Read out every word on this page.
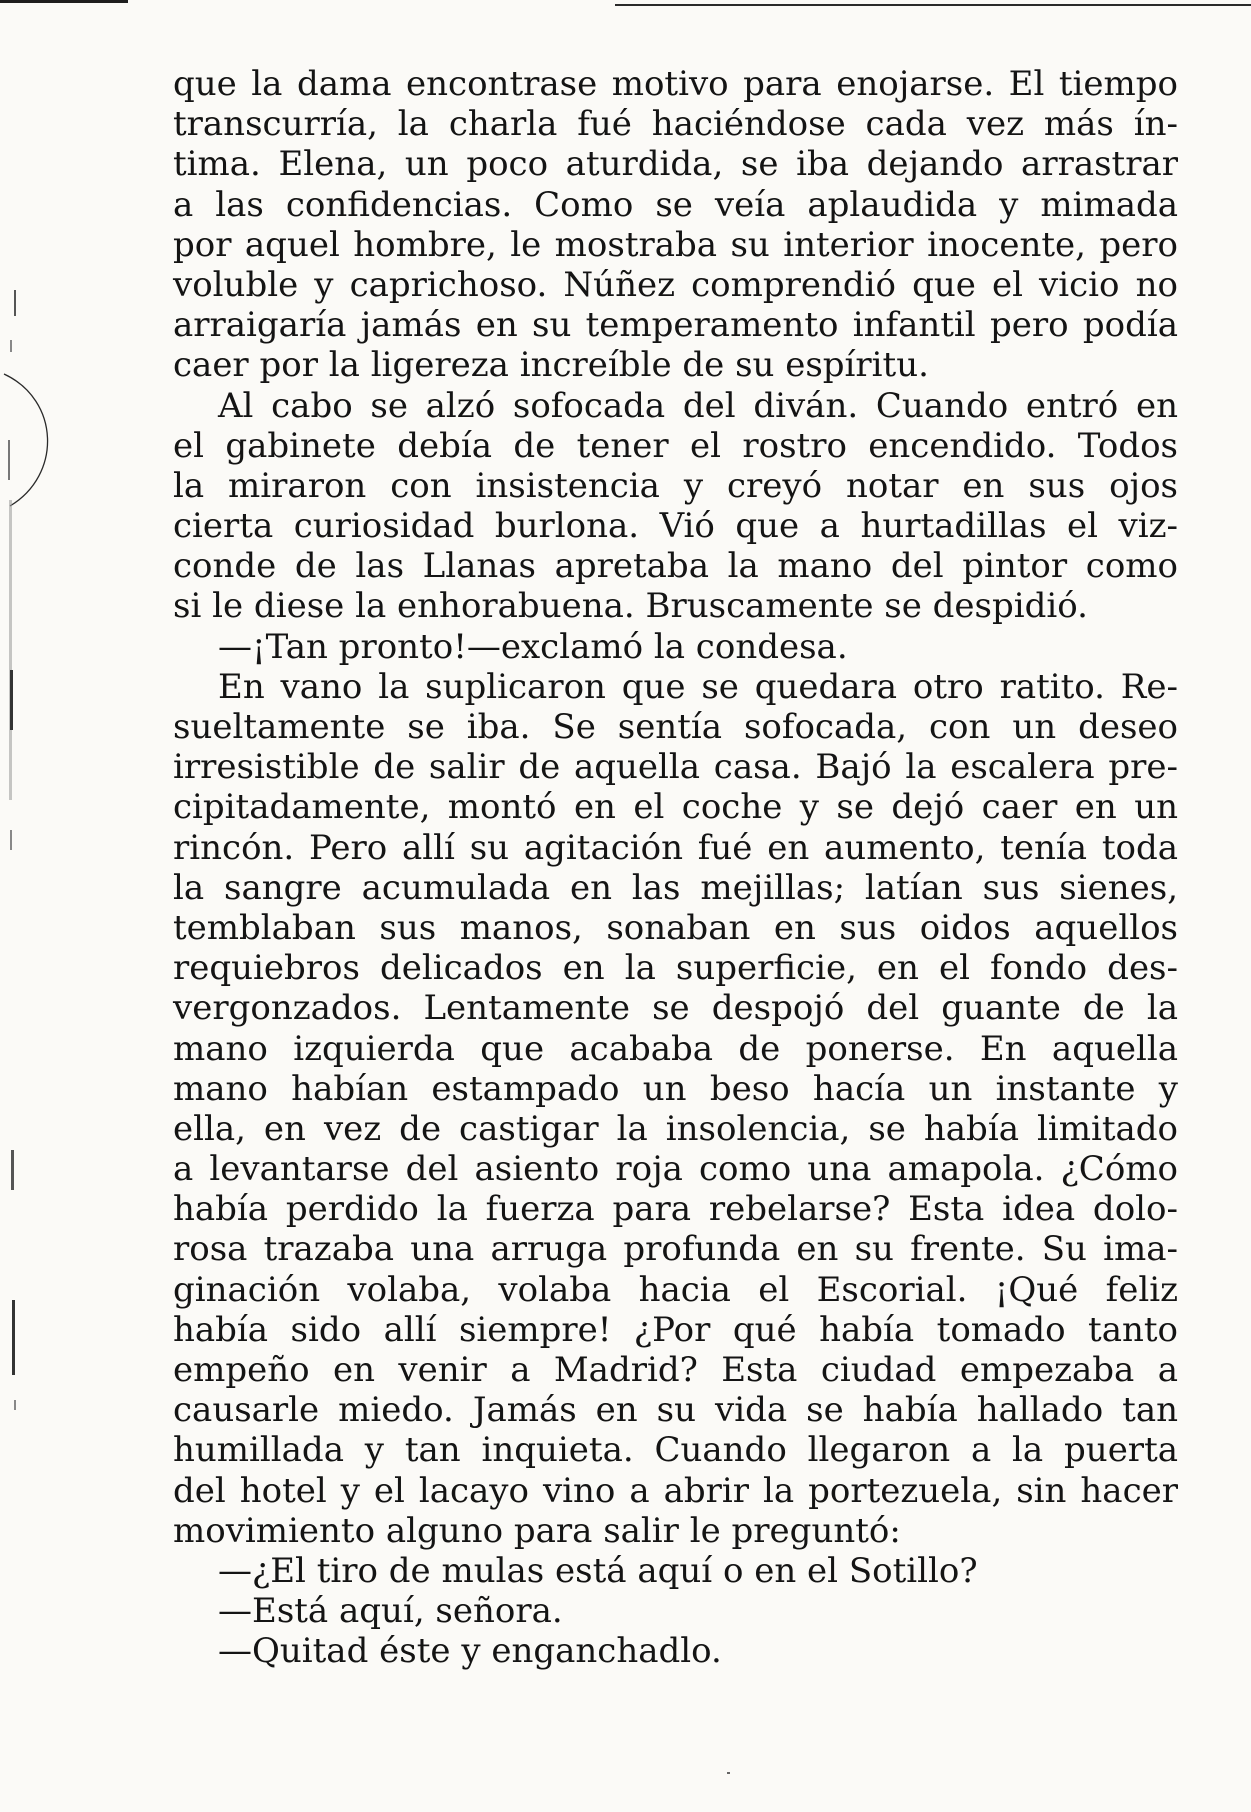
que la dama encontrase motivo para enojarse. El tiempo
transcurría, la charla fué haciéndose cada vez más ín-
tima. Elena, un poco aturdida, se iba dejando arrastrar
a las confidencias. Como se veía aplaudida y mimada
por aquel hombre, le mostraba su interior inocente, pero
voluble y caprichoso. Núñez comprendió que el vicio no
arraigaría jamás en su temperamento infantil pero podía
caer por la ligereza increíble de su espíritu.
Al cabo se alzó sofocada del diván. Cuando entró en
el gabinete debía de tener el rostro encendido. Todos
la miraron con insistencia y creyó notar en sus ojos
cierta curiosidad burlona. Vió que a hurtadillas el viz-
conde de las Llanas apretaba la mano del pintor como
si le diese la enhorabuena. Bruscamente se despidió.
—¡Tan pronto!—exclamó la condesa.
En vano la suplicaron que se quedara otro ratito. Re-
sueltamente se iba. Se sentía sofocada, con un deseo
irresistible de salir de aquella casa. Bajó la escalera pre-
cipitadamente, montó en el coche y se dejó caer en un
rincón. Pero allí su agitación fué en aumento, tenía toda
la sangre acumulada en las mejillas; latían sus sienes,
temblaban sus manos, sonaban en sus oidos aquellos
requiebros delicados en la superficie, en el fondo des-
vergonzados. Lentamente se despojó del guante de la
mano izquierda que acababa de ponerse. En aquella
mano habían estampado un beso hacía un instante y
ella, en vez de castigar la insolencia, se había limitado
a levantarse del asiento roja como una amapola. ¿Cómo
había perdido la fuerza para rebelarse? Esta idea dolo-
rosa trazaba una arruga profunda en su frente. Su ima-
ginación volaba, volaba hacia el Escorial. ¡Qué feliz
había sido allí siempre! ¿Por qué había tomado tanto
empeño en venir a Madrid? Esta ciudad empezaba a
causarle miedo. Jamás en su vida se había hallado tan
humillada y tan inquieta. Cuando llegaron a la puerta
del hotel y el lacayo vino a abrir la portezuela, sin hacer
movimiento alguno para salir le preguntó:
—¿El tiro de mulas está aquí o en el Sotillo?
—Está aquí, señora.
—Quitad éste y enganchadlo.
